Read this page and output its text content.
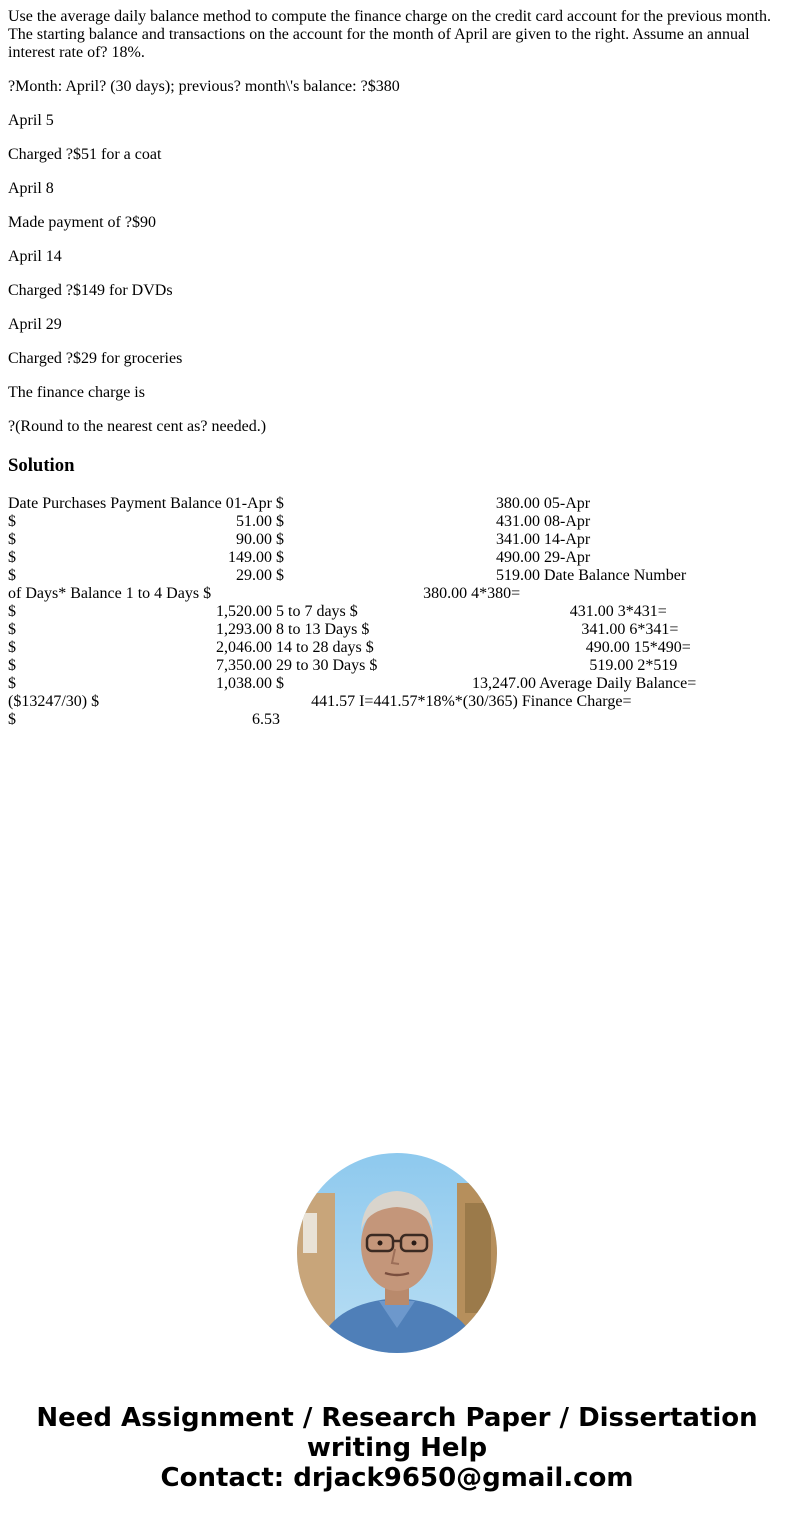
Use the average daily balance method to compute the finance charge on the credit card account for the previous month. The starting balance and transactions on the account for the month of April are given to the right. Assume an annual interest rate of? 18%.

?Month: April? (30 days); previous? month\'s balance: ?$380

April 5

Charged ?$51 for a coat

April 8

Made payment of ?$90

April 14

Charged ?$149 for DVDs

April 29

Charged ?$29 for groceries

The finance charge is

?(Round to the nearest cent as? needed.)

Solution
Date Purchases Payment Balance 01-Apr $                                                     380.00 05-Apr
$                                                       51.00 $                                                     431.00 08-Apr
$                                                       90.00 $                                                     341.00 14-Apr
$                                                     149.00 $                                                     490.00 29-Apr
$                                                       29.00 $                                                     519.00 Date Balance Number
of Days* Balance 1 to 4 Days $                                                     380.00 4*380=
$                                                  1,520.00 5 to 7 days $                                                     431.00 3*431=
$                                                  1,293.00 8 to 13 Days $                                                     341.00 6*341=
$                                                  2,046.00 14 to 28 days $                                                     490.00 15*490=
$                                                  7,350.00 29 to 30 Days $                                                     519.00 2*519
$                                                  1,038.00 $                                               13,247.00 Average Daily Balance=
($13247/30) $                                                     441.57 I=441.57*18%*(30/365) Finance Charge=
$                                                           6.53
Need Assignment / Research Paper / Dissertation
writing Help
Contact: drjack9650@gmail.com
